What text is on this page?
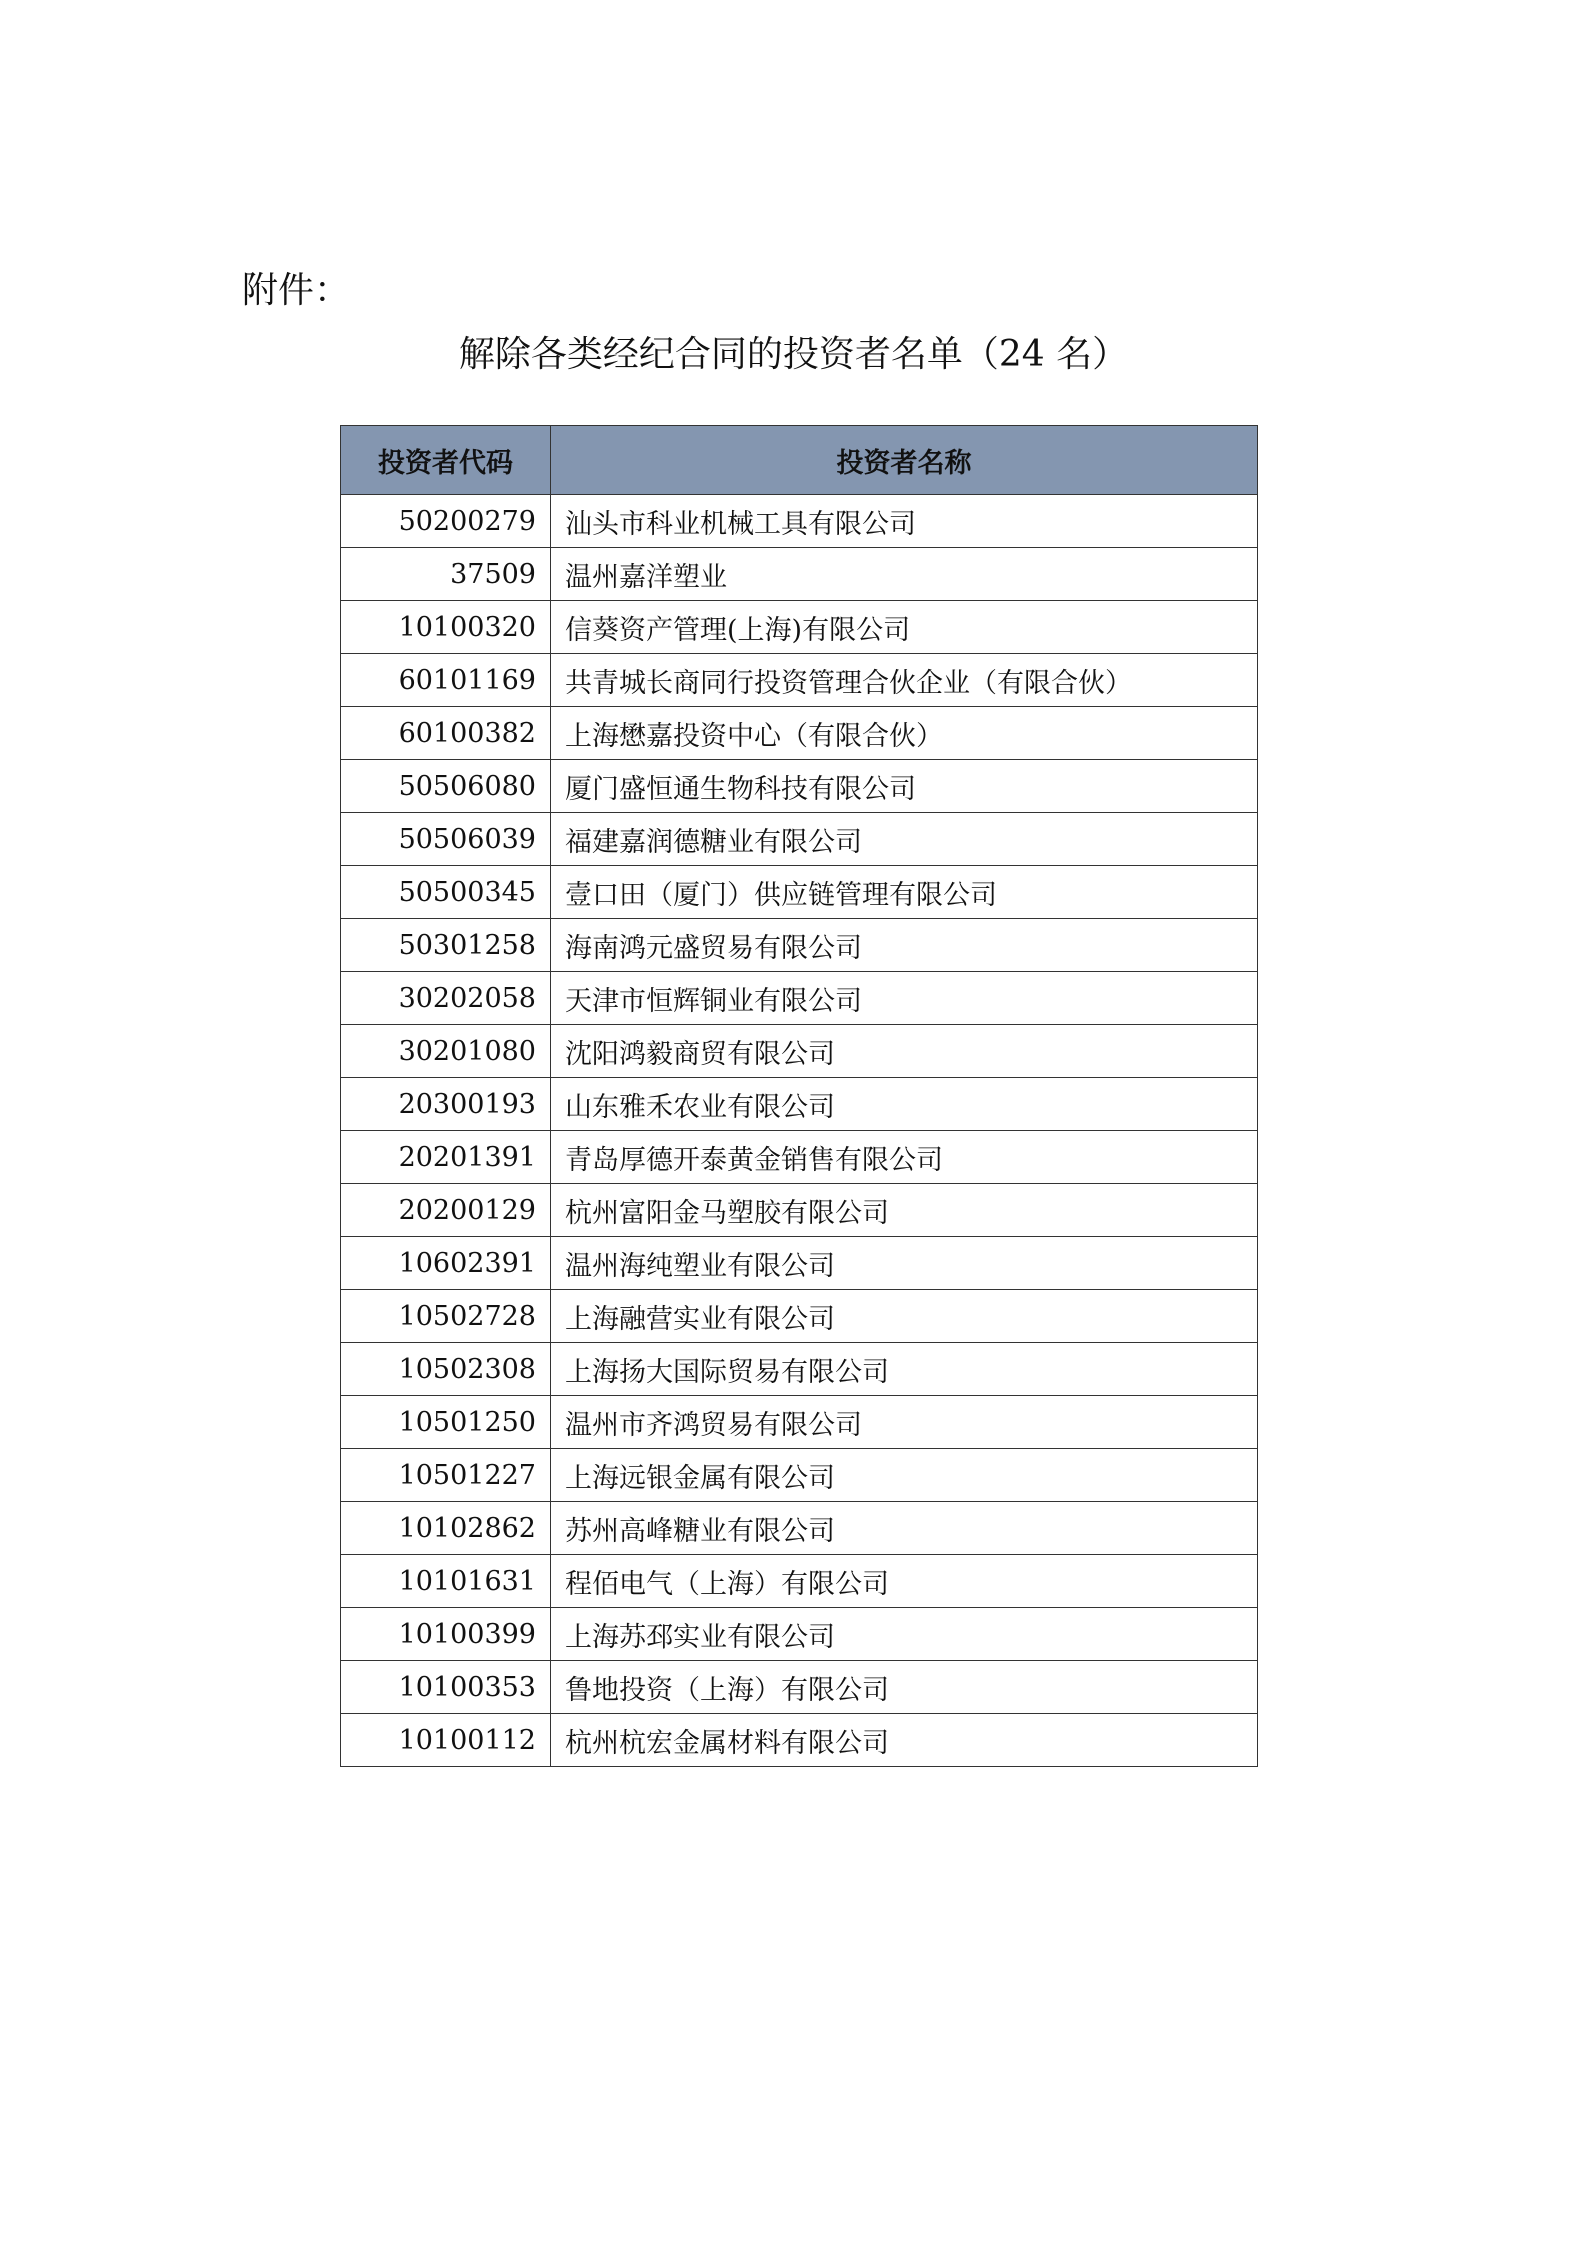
附件：
解除各类经纪合同的投资者名单（24 名）
投资者代码	投资者名称
50200279	汕头市科业机械工具有限公司
37509	温州嘉洋塑业
10100320	信葵资产管理(上海)有限公司
60101169	共青城长商同行投资管理合伙企业（有限合伙）
60100382	上海懋嘉投资中心（有限合伙）
50506080	厦门盛恒通生物科技有限公司
50506039	福建嘉润德糖业有限公司
50500345	壹口田（厦门）供应链管理有限公司
50301258	海南鸿元盛贸易有限公司
30202058	天津市恒辉铜业有限公司
30201080	沈阳鸿毅商贸有限公司
20300193	山东雅禾农业有限公司
20201391	青岛厚德开泰黄金销售有限公司
20200129	杭州富阳金马塑胶有限公司
10602391	温州海纯塑业有限公司
10502728	上海融营实业有限公司
10502308	上海扬大国际贸易有限公司
10501250	温州市齐鸿贸易有限公司
10501227	上海远银金属有限公司
10102862	苏州高峰糖业有限公司
10101631	程佰电气（上海）有限公司
10100399	上海苏邳实业有限公司
10100353	鲁地投资（上海）有限公司
10100112	杭州杭宏金属材料有限公司
